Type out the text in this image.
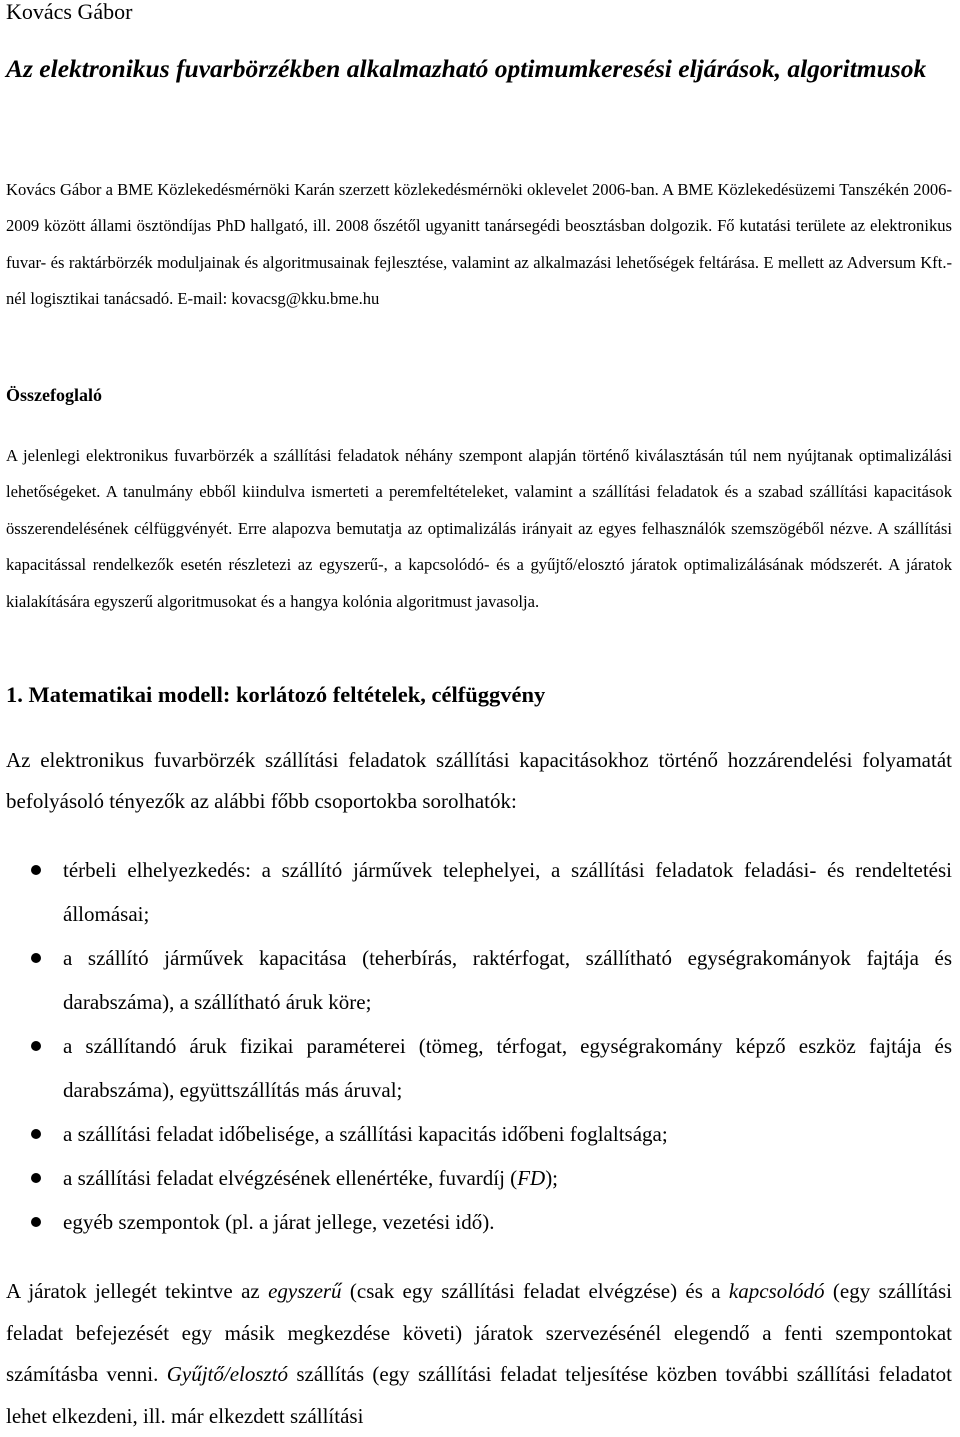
Kovács Gábor
Az elektronikus fuvarbörzékben alkalmazható optimumkeresési eljárások, algoritmusok

Kovács Gábor a BME Közlekedésmérnöki Karán szerzett közlekedésmérnöki oklevelet 2006-ban. A BME Közlekedésüzemi Tanszékén 2006-2009 között állami ösztöndíjas PhD hallgató, ill. 2008 őszétől ugyanitt tanársegédi beosztásban dolgozik. Fő kutatási területe az elektronikus fuvar- és raktárbörzék moduljainak és algoritmusainak fejlesztése, valamint az alkalmazási lehetőségek feltárása. E mellett az Adversum Kft.-nél logisztikai tanácsadó. E-mail: kovacsg@kku.bme.hu

Összefoglaló

A jelenlegi elektronikus fuvarbörzék a szállítási feladatok néhány szempont alapján történő kiválasztásán túl nem nyújtanak optimalizálási lehetőségeket. A tanulmány ebből kiindulva ismerteti a peremfeltételeket, valamint a szállítási feladatok és a szabad szállítási kapacitások összerendelésének célfüggvényét. Erre alapozva bemutatja az optimalizálás irányait az egyes felhasználók szemszögéből nézve. A szállítási kapacitással rendelkezők esetén részletezi az egyszerű-, a kapcsolódó- és a gyűjtő/elosztó járatok optimalizálásának módszerét. A járatok kialakítására egyszerű algoritmusokat és a hangya kolónia algoritmust javasolja.

1. Matematikai modell: korlátozó feltételek, célfüggvény

Az elektronikus fuvarbörzék szállítási feladatok szállítási kapacitásokhoz történő hozzárendelési folyamatát befolyásoló tényezők az alábbi főbb csoportokba sorolhatók:

térbeli elhelyezkedés: a szállító járművek telephelyei, a szállítási feladatok feladási- és rendeltetési állomásai;
a szállító járművek kapacitása (teherbírás, raktérfogat, szállítható egységrakományok fajtája és darabszáma), a szállítható áruk köre;
a szállítandó áruk fizikai paraméterei (tömeg, térfogat, egységrakomány képző eszköz fajtája és darabszáma), együttszállítás más áruval;
a szállítási feladat időbelisége, a szállítási kapacitás időbeni foglaltsága;
a szállítási feladat elvégzésének ellenértéke, fuvardíj (FD);
egyéb szempontok (pl. a járat jellege, vezetési idő).

A járatok jellegét tekintve az egyszerű (csak egy szállítási feladat elvégzése) és a kapcsolódó (egy szállítási feladat befejezését egy másik megkezdése követi) járatok szervezésénél elegendő a fenti szempontokat számításba venni. Gyűjtő/elosztó szállítás (egy szállítási feladat teljesítése közben további szállítási feladatot lehet elkezdeni, ill. már elkezdett szállítási
